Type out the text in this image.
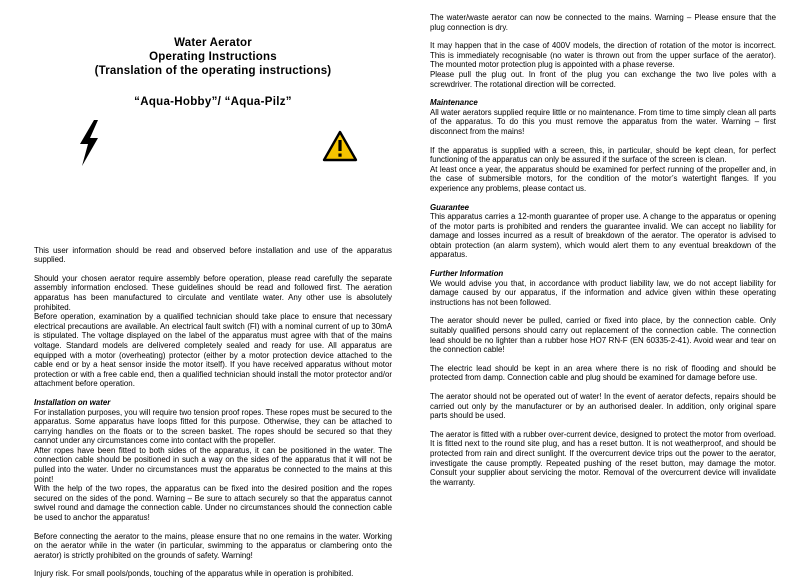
Water Aerator

Operating Instructions

(Translation of the operating instructions)

“Aqua-Hobby”/ “Aqua-Pilz”

This user information should be read and observed before installation and use of the apparatus supplied.

Should your chosen aerator require assembly before operation, please read carefully the separate assembly information enclosed. These guidelines should be read and followed first. The aeration apparatus has been manufactured to circulate and ventilate water. Any other use is absolutely prohibited.

Before operation, examination by a qualified technician should take place to ensure that necessary electrical precautions are available. An electrical fault switch (FI) with a nominal current of up to 30mA is stipulated. The voltage displayed on the label of the apparatus must agree with that of the mains voltage. Standard models are delivered completely sealed and ready for use. All apparatus are equipped with a motor (overheating) protector (either by a motor protection device attached to the cable end or by a heat sensor inside the motor itself). If you have received apparatus without motor protection or with a free cable end, then a qualified technician should install the motor protector and/or attachment before operation.

Installation on water

For installation purposes, you will require two tension proof ropes. These ropes must be secured to the apparatus. Some apparatus have loops fitted for this purpose. Otherwise, they can be attached to carrying handles on the floats or to the screen basket. The ropes should be secured so that they cannot under any circumstances come into contact with the propeller.

After ropes have been fitted to both sides of the apparatus, it can be positioned in the water. The connection cable should be positioned in such a way on the sides of the apparatus that it will not be pulled into the water. Under no circumstances must the apparatus be connected to the mains at this point!

With the help of the two ropes, the apparatus can be fixed into the desired position and the ropes secured on the sides of the pond. Warning – Be sure to attach securely so that the apparatus cannot swivel round and damage the connection cable. Under no circumstances should the connection cable be used to anchor the apparatus!

Before connecting the aerator to the mains, please ensure that no one remains in the water. Working on the aerator while in the water (in particular, swimming to the apparatus or clambering onto the aerator) is strictly prohibited on the grounds of safety. Warning!

Injury risk. For small pools/ponds, touching of the apparatus while in operation is prohibited.

The water/waste aerator can now be connected to the mains. Warning – Please ensure that the plug connection is dry.

It may happen that in the case of 400V models, the direction of rotation of the motor is incorrect. This is immediately recognisable (no water is thrown out from the upper surface of the aerator). The mounted motor protection plug is appointed with a phase reverse.

Please pull the plug out. In front of the plug you can exchange the two live poles with a screwdriver. The rotational direction will be corrected.

Maintenance

All water aerators supplied require little or no maintenance. From time to time simply clean all parts of the apparatus. To do this you must remove the apparatus from the water. Warning – first disconnect from the mains!

If the apparatus is supplied with a screen, this, in particular, should be kept clean, for perfect functioning of the apparatus can only be assured if the surface of the screen is clean.

At least once a year, the apparatus should be examined for perfect running of the propeller and, in the case of submersible motors, for the condition of the motor’s watertight flanges. If you experience any problems, please contact us.

Guarantee

This apparatus carries a 12-month guarantee of proper use. A change to the apparatus or opening of the motor parts is prohibited and renders the guarantee invalid. We can accept no liability for damage and losses incurred as a result of breakdown of the aerator. The operator is advised to obtain protection (an alarm system), which would alert them to any eventual breakdown of the apparatus.

Further Information

We would advise you that, in accordance with product liability law, we do not accept liability for damage caused by our apparatus, if the information and advice given within these operating instructions has not been followed.

The aerator should never be pulled, carried or fixed into place, by the connection cable. Only suitably qualified persons should carry out replacement of the connection cable. The connection lead should be no lighter than a rubber hose HO7 RN-F (EN 60335-2-41). Avoid wear and tear on the connection cable!

The electric lead should be kept in an area where there is no risk of flooding and should be protected from damp. Connection cable and plug should be examined for damage before use.

The aerator should not be operated out of water! In the event of aerator defects, repairs should be carried out only by the manufacturer or by an authorised dealer. In addition, only original spare parts should be used.

The aerator is fitted with a rubber over-current device, designed to protect the motor from overload. It is fitted next to the round site plug, and has a reset button. It is not weatherproof, and should be protected from rain and direct sunlight. If the overcurrent device trips out the power to the aerator, investigate the cause promptly. Repeated pushing of the reset button, may damage the motor. Consult your supplier about servicing the motor. Removal of the overcurrent device will invalidate the warranty.
